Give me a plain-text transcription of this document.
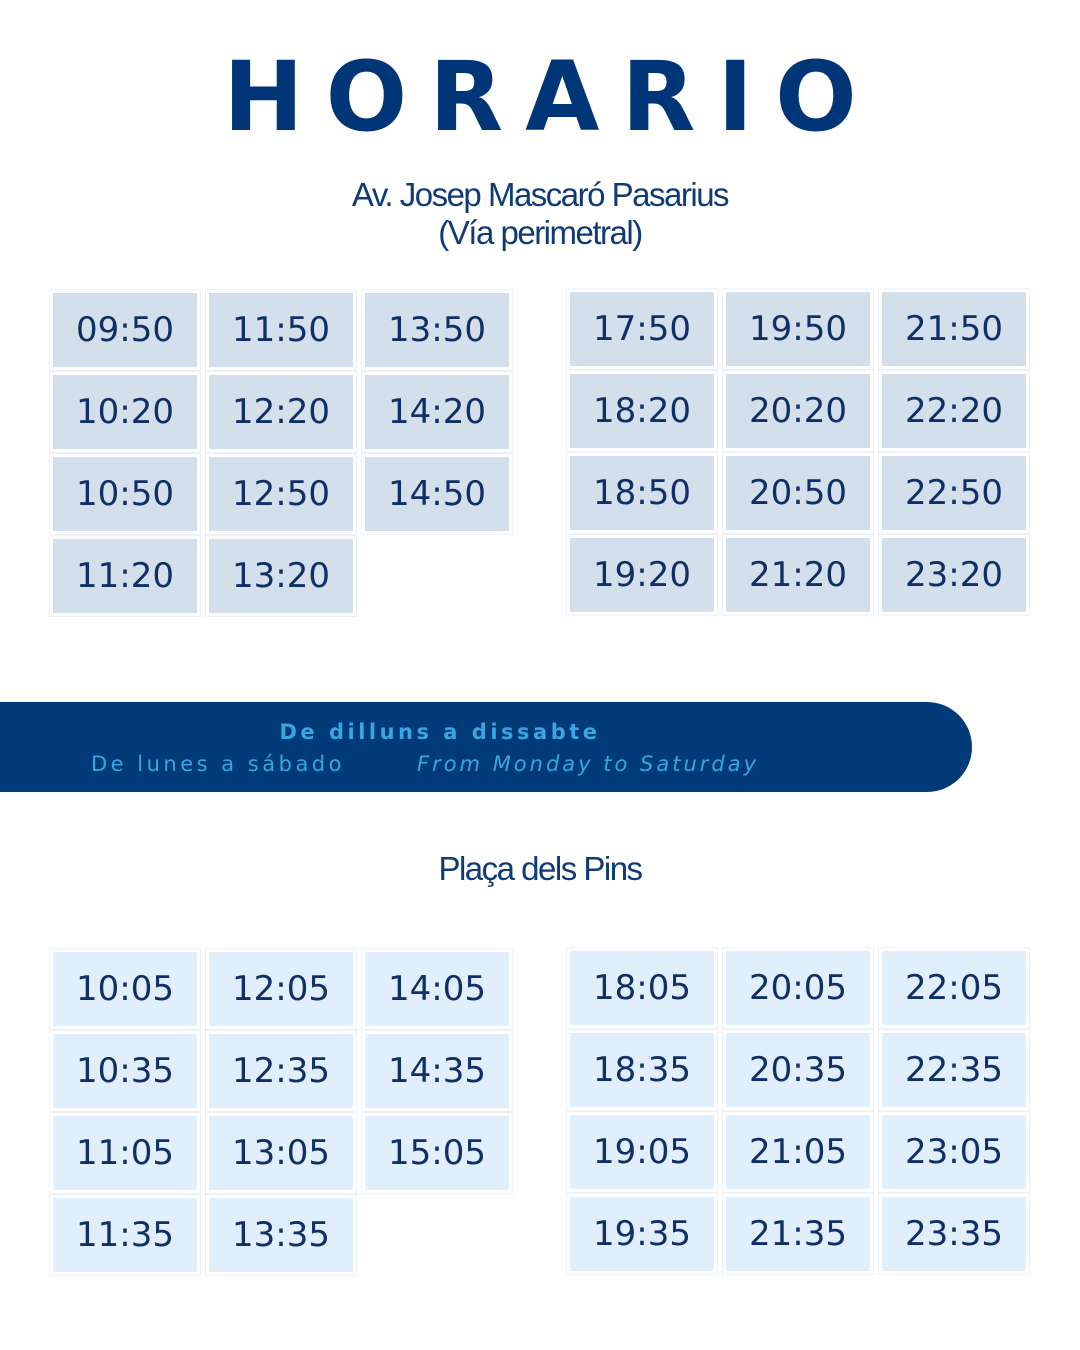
HORARIO
Av. Josep Mascaró Pasarius
(Vía perimetral)
09:50
10:20
10:50
11:20
11:50
12:20
12:50
13:20
13:50
14:20
14:50
17:50
18:20
18:50
19:20
19:50
20:20
20:50
21:20
21:50
22:20
22:50
23:20
De dilluns a dissabte
De lunes a sábado	From Monday to Saturday
Plaça dels Pins
10:05
10:35
11:05
11:35
12:05
12:35
13:05
13:35
14:05
14:35
15:05
18:05
18:35
19:05
19:35
20:05
20:35
21:05
21:35
22:05
22:35
23:05
23:35
